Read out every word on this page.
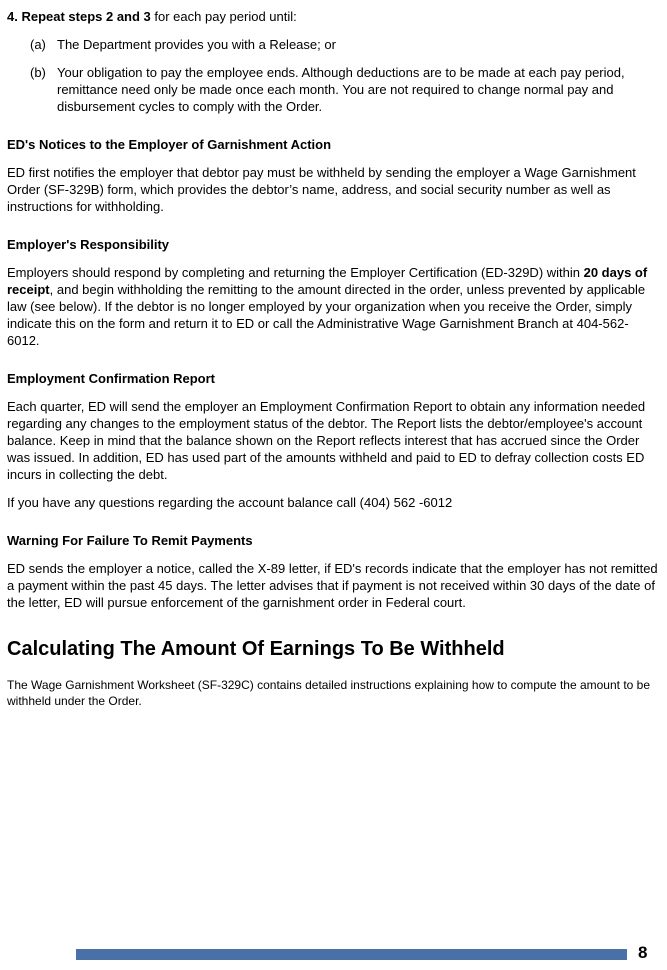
4. Repeat steps 2 and 3 for each pay period until:

(a) The Department provides you with a Release; or
(b) Your obligation to pay the employee ends. Although deductions are to be made at each pay period, remittance need only be made once each month. You are not required to change normal pay and disbursement cycles to comply with the Order.
ED's Notices to the Employer of Garnishment Action

ED first notifies the employer that debtor pay must be withheld by sending the employer a Wage Garnishment Order (SF-329B) form, which provides the debtor’s name, address, and social security number as well as instructions for withholding.

Employer's Responsibility

Employers should respond by completing and returning the Employer Certification (ED-329D) within 20 days of receipt, and begin withholding the remitting to the amount directed in the order, unless prevented by applicable law (see below). If the debtor is no longer employed by your organization when you receive the Order, simply indicate this on the form and return it to ED or call the Administrative Wage Garnishment Branch at 404-562-6012.

Employment Confirmation Report

Each quarter, ED will send the employer an Employment Confirmation Report to obtain any information needed regarding any changes to the employment status of the debtor. The Report lists the debtor/employee's account balance. Keep in mind that the balance shown on the Report reflects interest that has accrued since the Order was issued. In addition, ED has used part of the amounts withheld and paid to ED to defray collection costs ED incurs in collecting the debt.

If you have any questions regarding the account balance call (404) 562 -6012

Warning For Failure To Remit Payments

ED sends the employer a notice, called the X-89 letter, if ED's records indicate that the employer has not remitted a payment within the past 45 days. The letter advises that if payment is not received within 30 days of the date of the letter, ED will pursue enforcement of the garnishment order in Federal court.

Calculating The Amount Of Earnings To Be Withheld

The Wage Garnishment Worksheet (SF-329C) contains detailed instructions explaining how to compute the amount to be withheld under the Order.

8
